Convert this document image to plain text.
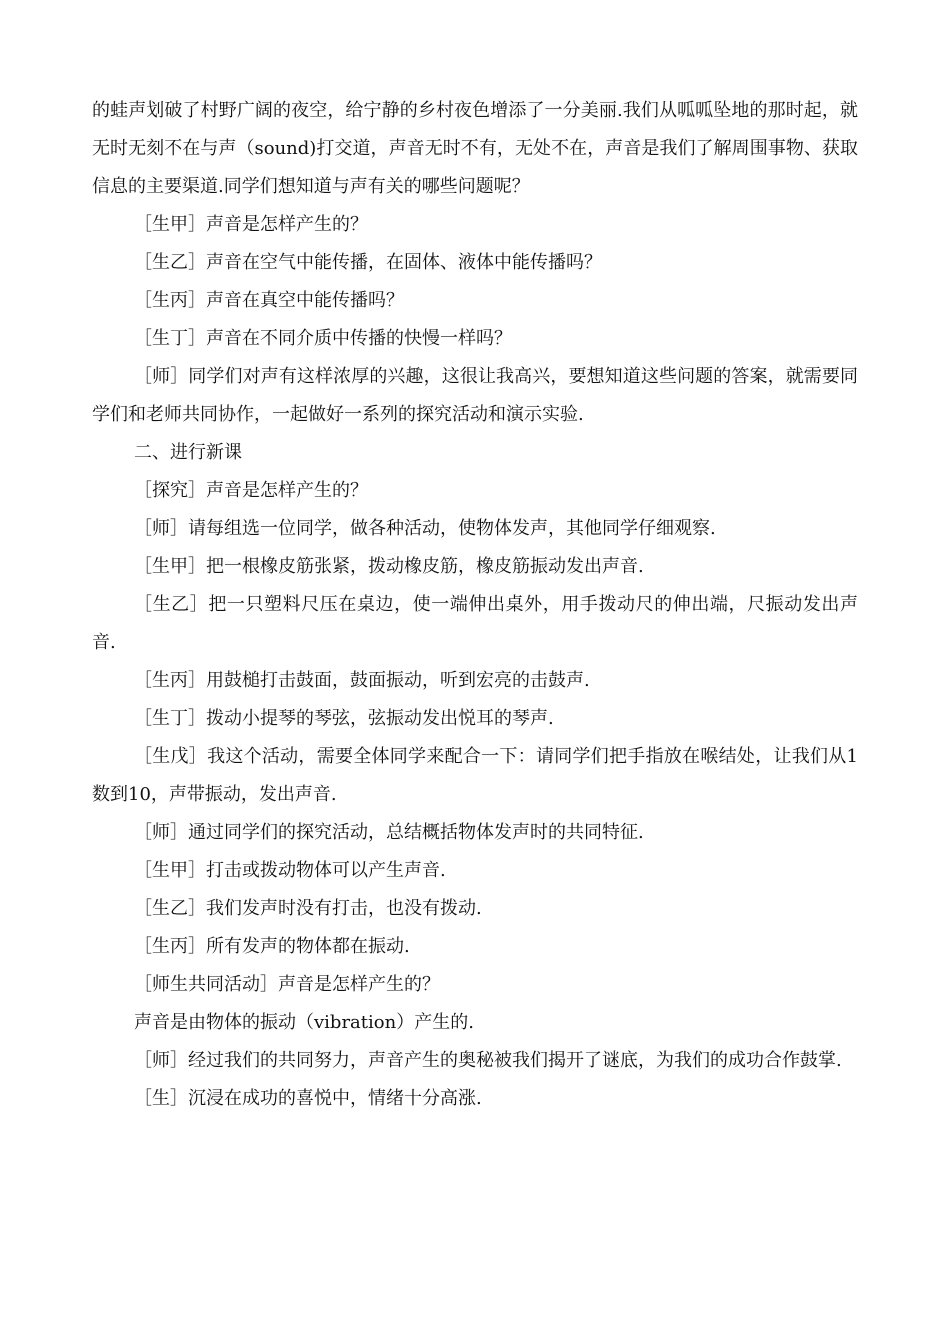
的蛙声划破了村野广阔的夜空，给宁静的乡村夜色增添了一分美丽.我们从呱呱坠地的那时起，就无时无刻不在与声（sound)打交道，声音无时不有，无处不在，声音是我们了解周围事物、获取信息的主要渠道.同学们想知道与声有关的哪些问题呢？

［生甲］声音是怎样产生的？

［生乙］声音在空气中能传播，在固体、液体中能传播吗？

［生丙］声音在真空中能传播吗？

［生丁］声音在不同介质中传播的快慢一样吗？

［师］同学们对声有这样浓厚的兴趣，这很让我高兴，要想知道这些问题的答案，就需要同学们和老师共同协作，一起做好一系列的探究活动和演示实验.

二、进行新课

［探究］声音是怎样产生的？

［师］请每组选一位同学，做各种活动，使物体发声，其他同学仔细观察.

［生甲］把一根橡皮筋张紧，拨动橡皮筋，橡皮筋振动发出声音.

［生乙］把一只塑料尺压在桌边，使一端伸出桌外，用手拨动尺的伸出端，尺振动发出声音.

［生丙］用鼓槌打击鼓面，鼓面振动，听到宏亮的击鼓声.

［生丁］拨动小提琴的琴弦，弦振动发出悦耳的琴声.

［生戊］我这个活动，需要全体同学来配合一下：请同学们把手指放在喉结处，让我们从1数到10，声带振动，发出声音.

［师］通过同学们的探究活动，总结概括物体发声时的共同特征.

［生甲］打击或拨动物体可以产生声音.

［生乙］我们发声时没有打击，也没有拨动.

［生丙］所有发声的物体都在振动.

［师生共同活动］声音是怎样产生的？

声音是由物体的振动（vibration）产生的.

［师］经过我们的共同努力，声音产生的奥秘被我们揭开了谜底，为我们的成功合作鼓掌.

［生］沉浸在成功的喜悦中，情绪十分高涨.
